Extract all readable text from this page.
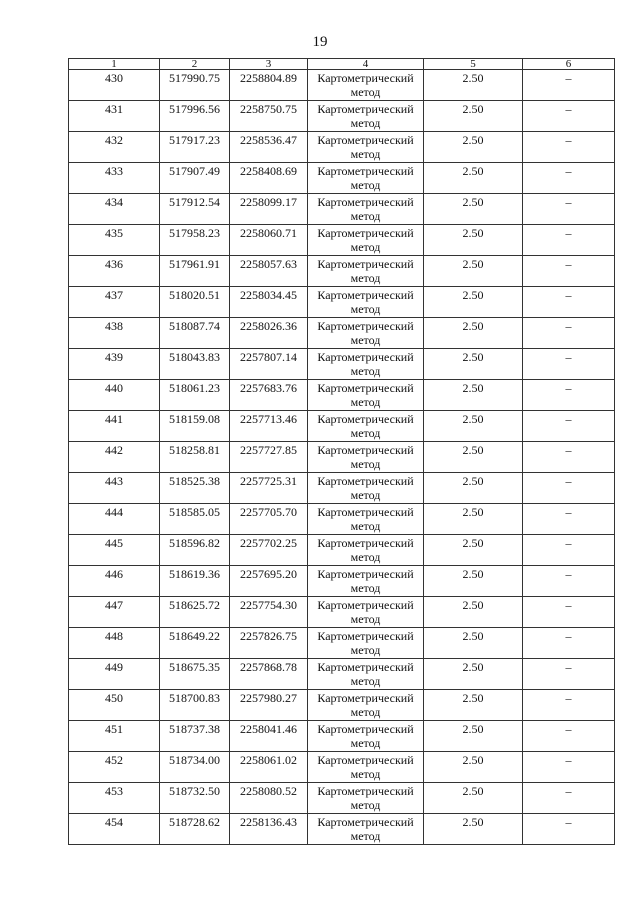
19
1	2	3	4	5	6
430	517990.75	2258804.89	Картометрический метод	2.50	–
431	517996.56	2258750.75	Картометрический метод	2.50	–
432	517917.23	2258536.47	Картометрический метод	2.50	–
433	517907.49	2258408.69	Картометрический метод	2.50	–
434	517912.54	2258099.17	Картометрический метод	2.50	–
435	517958.23	2258060.71	Картометрический метод	2.50	–
436	517961.91	2258057.63	Картометрический метод	2.50	–
437	518020.51	2258034.45	Картометрический метод	2.50	–
438	518087.74	2258026.36	Картометрический метод	2.50	–
439	518043.83	2257807.14	Картометрический метод	2.50	–
440	518061.23	2257683.76	Картометрический метод	2.50	–
441	518159.08	2257713.46	Картометрический метод	2.50	–
442	518258.81	2257727.85	Картометрический метод	2.50	–
443	518525.38	2257725.31	Картометрический метод	2.50	–
444	518585.05	2257705.70	Картометрический метод	2.50	–
445	518596.82	2257702.25	Картометрический метод	2.50	–
446	518619.36	2257695.20	Картометрический метод	2.50	–
447	518625.72	2257754.30	Картометрический метод	2.50	–
448	518649.22	2257826.75	Картометрический метод	2.50	–
449	518675.35	2257868.78	Картометрический метод	2.50	–
450	518700.83	2257980.27	Картометрический метод	2.50	–
451	518737.38	2258041.46	Картометрический метод	2.50	–
452	518734.00	2258061.02	Картометрический метод	2.50	–
453	518732.50	2258080.52	Картометрический метод	2.50	–
454	518728.62	2258136.43	Картометрический метод	2.50	–
